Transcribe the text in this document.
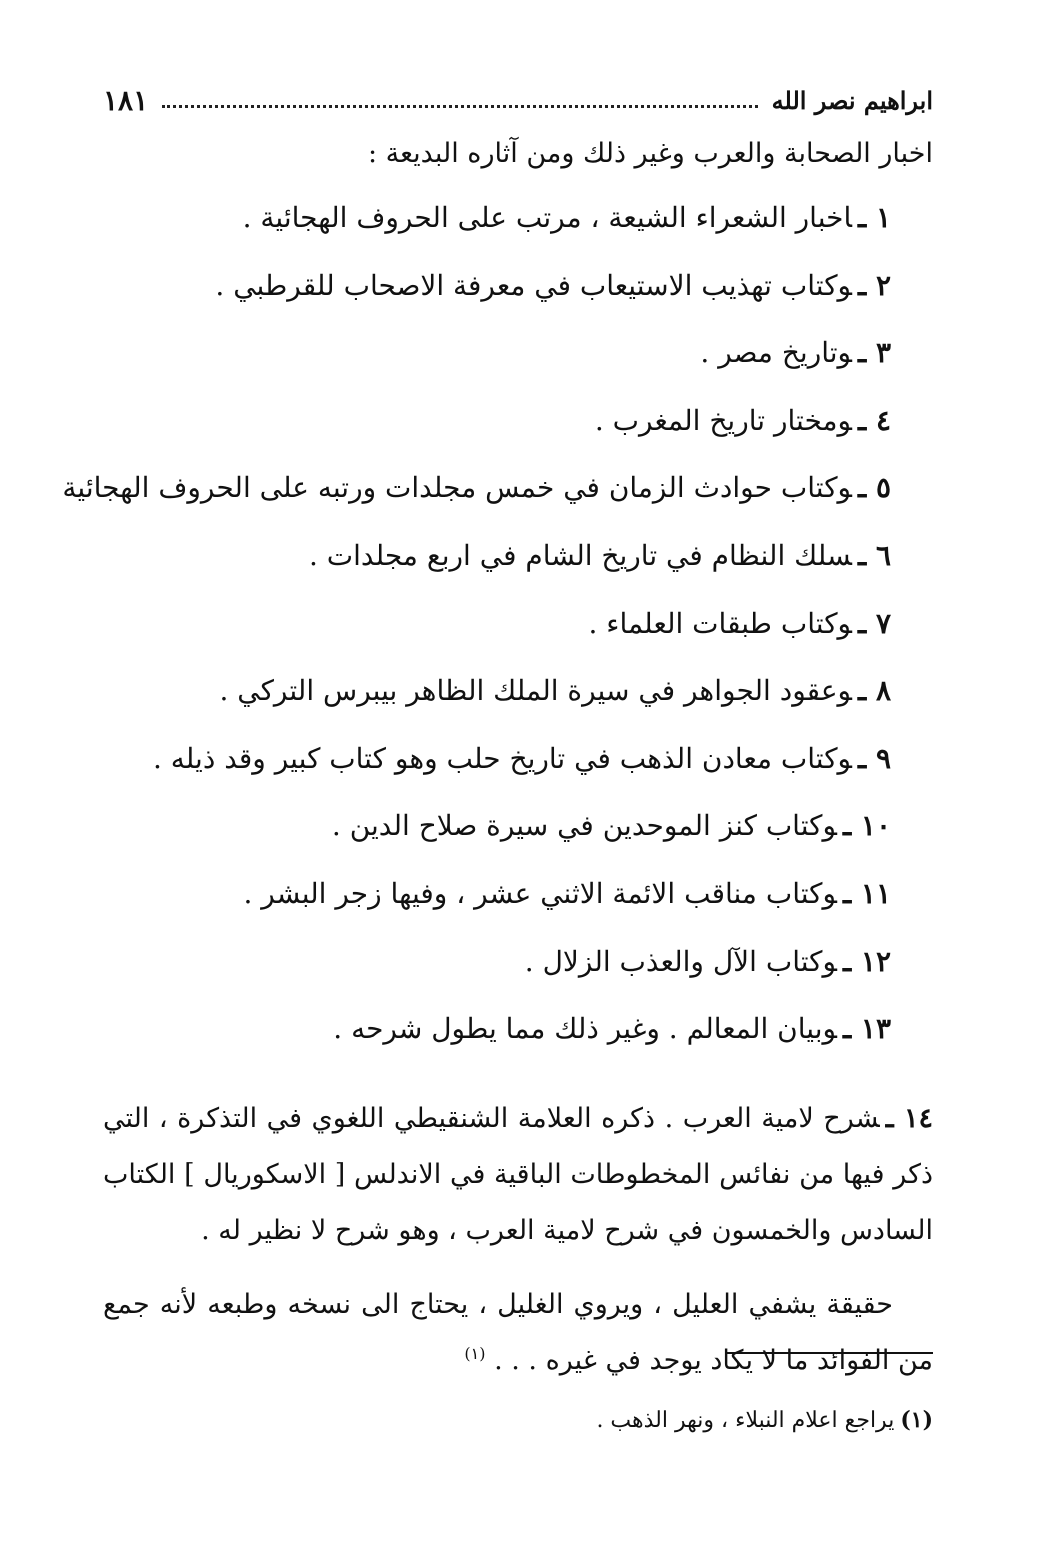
ابراهيم نصر الله
١٨١
اخبار الصحابة والعرب وغير ذلك ومن آثاره البديعة :
١ ـاخبار الشعراء الشيعة ، مرتب على الحروف الهجائية .
٢ ـوكتاب تهذيب الاستيعاب في معرفة الاصحاب للقرطبي .
٣ ـوتاريخ مصر .
٤ ـومختار تاريخ المغرب .
٥ ـوكتاب حوادث الزمان في خمس مجلدات ورتبه على الحروف الهجائية
٦ ـسلك النظام في تاريخ الشام في اربع مجلدات .
٧ ـوكتاب طبقات العلماء .
٨ ـوعقود الجواهر في سيرة الملك الظاهر بيبرس التركي .
٩ ـوكتاب معادن الذهب في تاريخ حلب وهو كتاب كبير وقد ذيله .
١٠ ـوكتاب كنز الموحدين في سيرة صلاح الدين .
١١ ـوكتاب مناقب الائمة الاثني عشر ، وفيها زجر البشر .
١٢ ـوكتاب الآل والعذب الزلال .
١٣ ـوبيان المعالم . وغير ذلك مما يطول شرحه .

١٤ ـشرح لامية العرب . ذكره العلامة الشنقيطي اللغوي في التذكرة ، التي ذكر فيها من نفائس المخطوطات الباقية في الاندلس [ الاسكوريال ] الكتاب السادس والخمسون في شرح لامية العرب ، وهو شرح لا نظير له .

حقيقة يشفي العليل ، ويروي الغليل ، يحتاج الى نسخه وطبعه لأنه جمع من الفوائد ما لا يكاد يوجد في غيره . . . $^{(١)}$

(١)يراجع اعلام النبلاء ، ونهر الذهب .
